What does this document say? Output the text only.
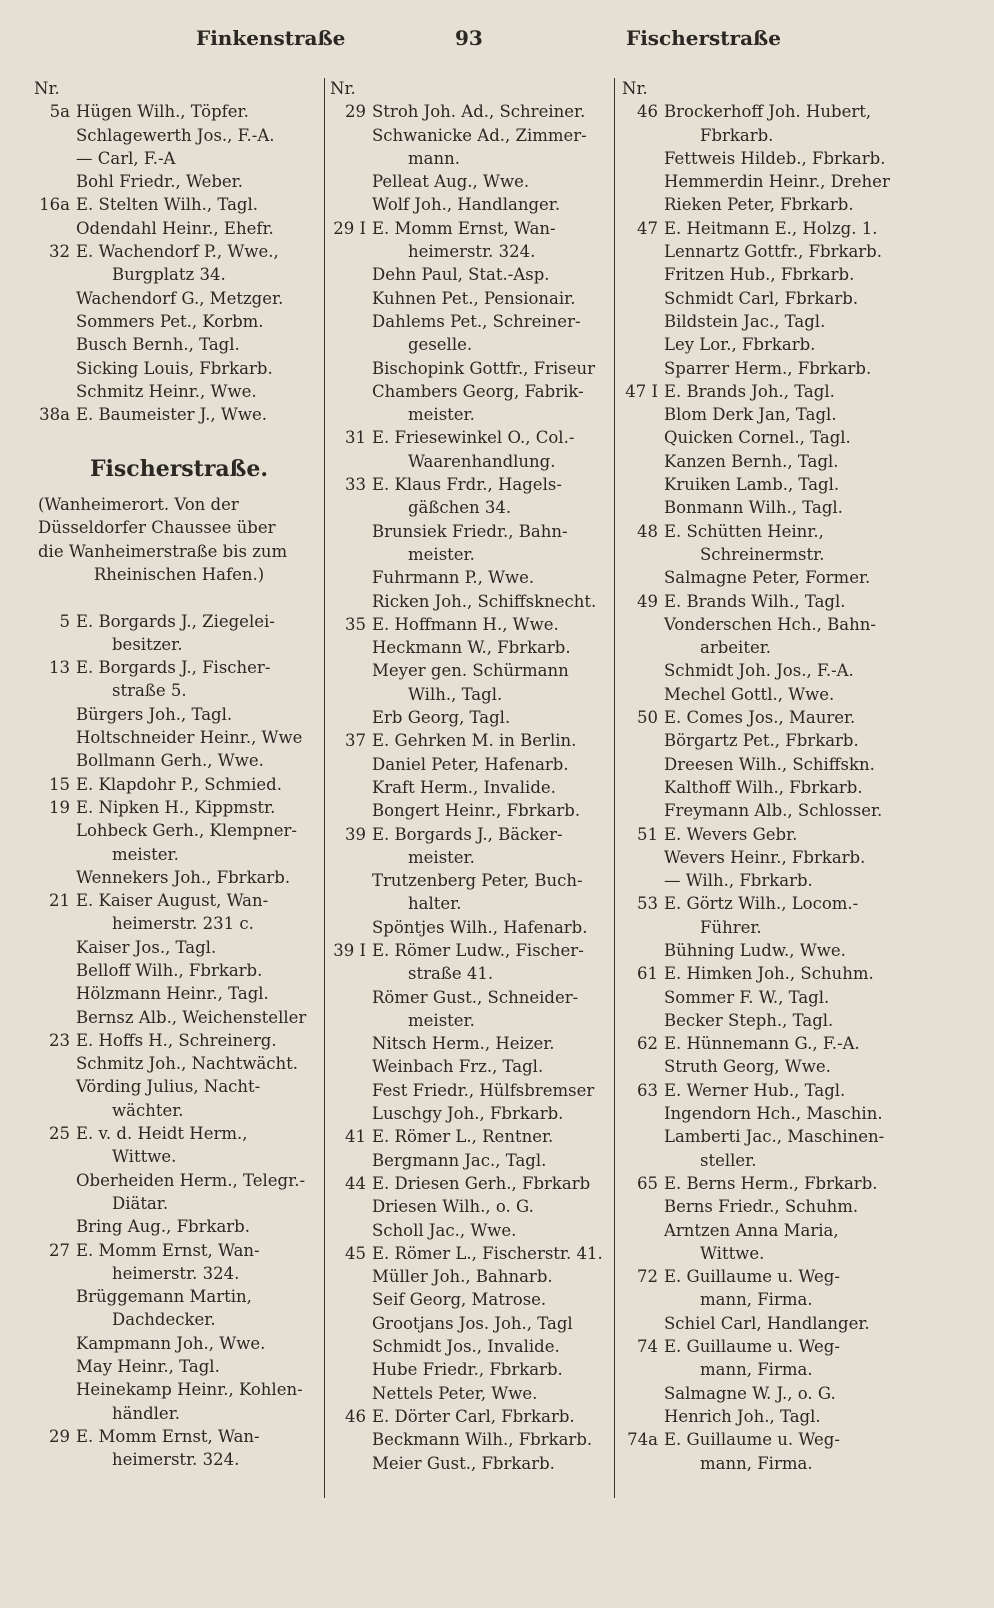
Finkenstraße	93	Fischerstraße
Nr.
5a Hügen Wilh., Töpfer.
Schlagewerth Jos., F.-A.
— Carl, F.-A
Bohl Friedr., Weber.
16a E. Stelten Wilh., Tagl.
Odendahl Heinr., Ehefr.
32 E. Wachendorf P., Wwe.,
Burgplatz 34.
Wachendorf G., Metzger.
Sommers Pet., Korbm.
Busch Bernh., Tagl.
Sicking Louis, Fbrkarb.
Schmitz Heinr., Wwe.
38a E. Baumeister J., Wwe.
Fischerstraße.
(Wanheimerort. Von der
Düsseldorfer Chaussee über
die Wanheimerstraße bis zum
Rheinischen Hafen.)
5 E. Borgards J., Ziegelei-
besitzer.
13 E. Borgards J., Fischer-
straße 5.
Bürgers Joh., Tagl.
Holtschneider Heinr., Wwe
Bollmann Gerh., Wwe.
15 E. Klapdohr P., Schmied.
19 E. Nipken H., Kippmstr.
Lohbeck Gerh., Klempner-
meister.
Wennekers Joh., Fbrkarb.
21 E. Kaiser August, Wan-
heimerstr. 231 c.
Kaiser Jos., Tagl.
Belloff Wilh., Fbrkarb.
Hölzmann Heinr., Tagl.
Bernsz Alb., Weichensteller
23 E. Hoffs H., Schreinerg.
Schmitz Joh., Nachtwächt.
Vörding Julius, Nacht-
wächter.
25 E. v. d. Heidt Herm.,
Wittwe.
Oberheiden Herm., Telegr.-
Diätar.
Bring Aug., Fbrkarb.
27 E. Momm Ernst, Wan-
heimerstr. 324.
Brüggemann Martin,
Dachdecker.
Kampmann Joh., Wwe.
May Heinr., Tagl.
Heinekamp Heinr., Kohlen-
händler.
29 E. Momm Ernst, Wan-
heimerstr. 324.
Nr.
29 Stroh Joh. Ad., Schreiner.
Schwanicke Ad., Zimmer-
mann.
Pelleat Aug., Wwe.
Wolf Joh., Handlanger.
29 I E. Momm Ernst, Wan-
heimerstr. 324.
Dehn Paul, Stat.-Asp.
Kuhnen Pet., Pensionair.
Dahlems Pet., Schreiner-
geselle.
Bischopink Gottfr., Friseur
Chambers Georg, Fabrik-
meister.
31 E. Friesewinkel O., Col.-
Waarenhandlung.
33 E. Klaus Frdr., Hagels-
gäßchen 34.
Brunsiek Friedr., Bahn-
meister.
Fuhrmann P., Wwe.
Ricken Joh., Schiffsknecht.
35 E. Hoffmann H., Wwe.
Heckmann W., Fbrkarb.
Meyer gen. Schürmann
Wilh., Tagl.
Erb Georg, Tagl.
37 E. Gehrken M. in Berlin.
Daniel Peter, Hafenarb.
Kraft Herm., Invalide.
Bongert Heinr., Fbrkarb.
39 E. Borgards J., Bäcker-
meister.
Trutzenberg Peter, Buch-
halter.
Spöntjes Wilh., Hafenarb.
39 I E. Römer Ludw., Fischer-
straße 41.
Römer Gust., Schneider-
meister.
Nitsch Herm., Heizer.
Weinbach Frz., Tagl.
Fest Friedr., Hülfsbremser
Luschgy Joh., Fbrkarb.
41 E. Römer L., Rentner.
Bergmann Jac., Tagl.
44 E. Driesen Gerh., Fbrkarb
Driesen Wilh., o. G.
Scholl Jac., Wwe.
45 E. Römer L., Fischerstr. 41.
Müller Joh., Bahnarb.
Seif Georg, Matrose.
Grootjans Jos. Joh., Tagl
Schmidt Jos., Invalide.
Hube Friedr., Fbrkarb.
Nettels Peter, Wwe.
46 E. Dörter Carl, Fbrkarb.
Beckmann Wilh., Fbrkarb.
Meier Gust., Fbrkarb.
Nr.
46 Brockerhoff Joh. Hubert,
Fbrkarb.
Fettweis Hildeb., Fbrkarb.
Hemmerdin Heinr., Dreher
Rieken Peter, Fbrkarb.
47 E. Heitmann E., Holzg. 1.
Lennartz Gottfr., Fbrkarb.
Fritzen Hub., Fbrkarb.
Schmidt Carl, Fbrkarb.
Bildstein Jac., Tagl.
Ley Lor., Fbrkarb.
Sparrer Herm., Fbrkarb.
47 I E. Brands Joh., Tagl.
Blom Derk Jan, Tagl.
Quicken Cornel., Tagl.
Kanzen Bernh., Tagl.
Kruiken Lamb., Tagl.
Bonmann Wilh., Tagl.
48 E. Schütten Heinr.,
Schreinermstr.
Salmagne Peter, Former.
49 E. Brands Wilh., Tagl.
Vonderschen Hch., Bahn-
arbeiter.
Schmidt Joh. Jos., F.-A.
Mechel Gottl., Wwe.
50 E. Comes Jos., Maurer.
Börgartz Pet., Fbrkarb.
Dreesen Wilh., Schiffskn.
Kalthoff Wilh., Fbrkarb.
Freymann Alb., Schlosser.
51 E. Wevers Gebr.
Wevers Heinr., Fbrkarb.
— Wilh., Fbrkarb.
53 E. Görtz Wilh., Locom.-
Führer.
Bühning Ludw., Wwe.
61 E. Himken Joh., Schuhm.
Sommer F. W., Tagl.
Becker Steph., Tagl.
62 E. Hünnemann G., F.-A.
Struth Georg, Wwe.
63 E. Werner Hub., Tagl.
Ingendorn Hch., Maschin.
Lamberti Jac., Maschinen-
steller.
65 E. Berns Herm., Fbrkarb.
Berns Friedr., Schuhm.
Arntzen Anna Maria,
Wittwe.
72 E. Guillaume u. Weg-
mann, Firma.
Schiel Carl, Handlanger.
74 E. Guillaume u. Weg-
mann, Firma.
Salmagne W. J., o. G.
Henrich Joh., Tagl.
74a E. Guillaume u. Weg-
mann, Firma.
